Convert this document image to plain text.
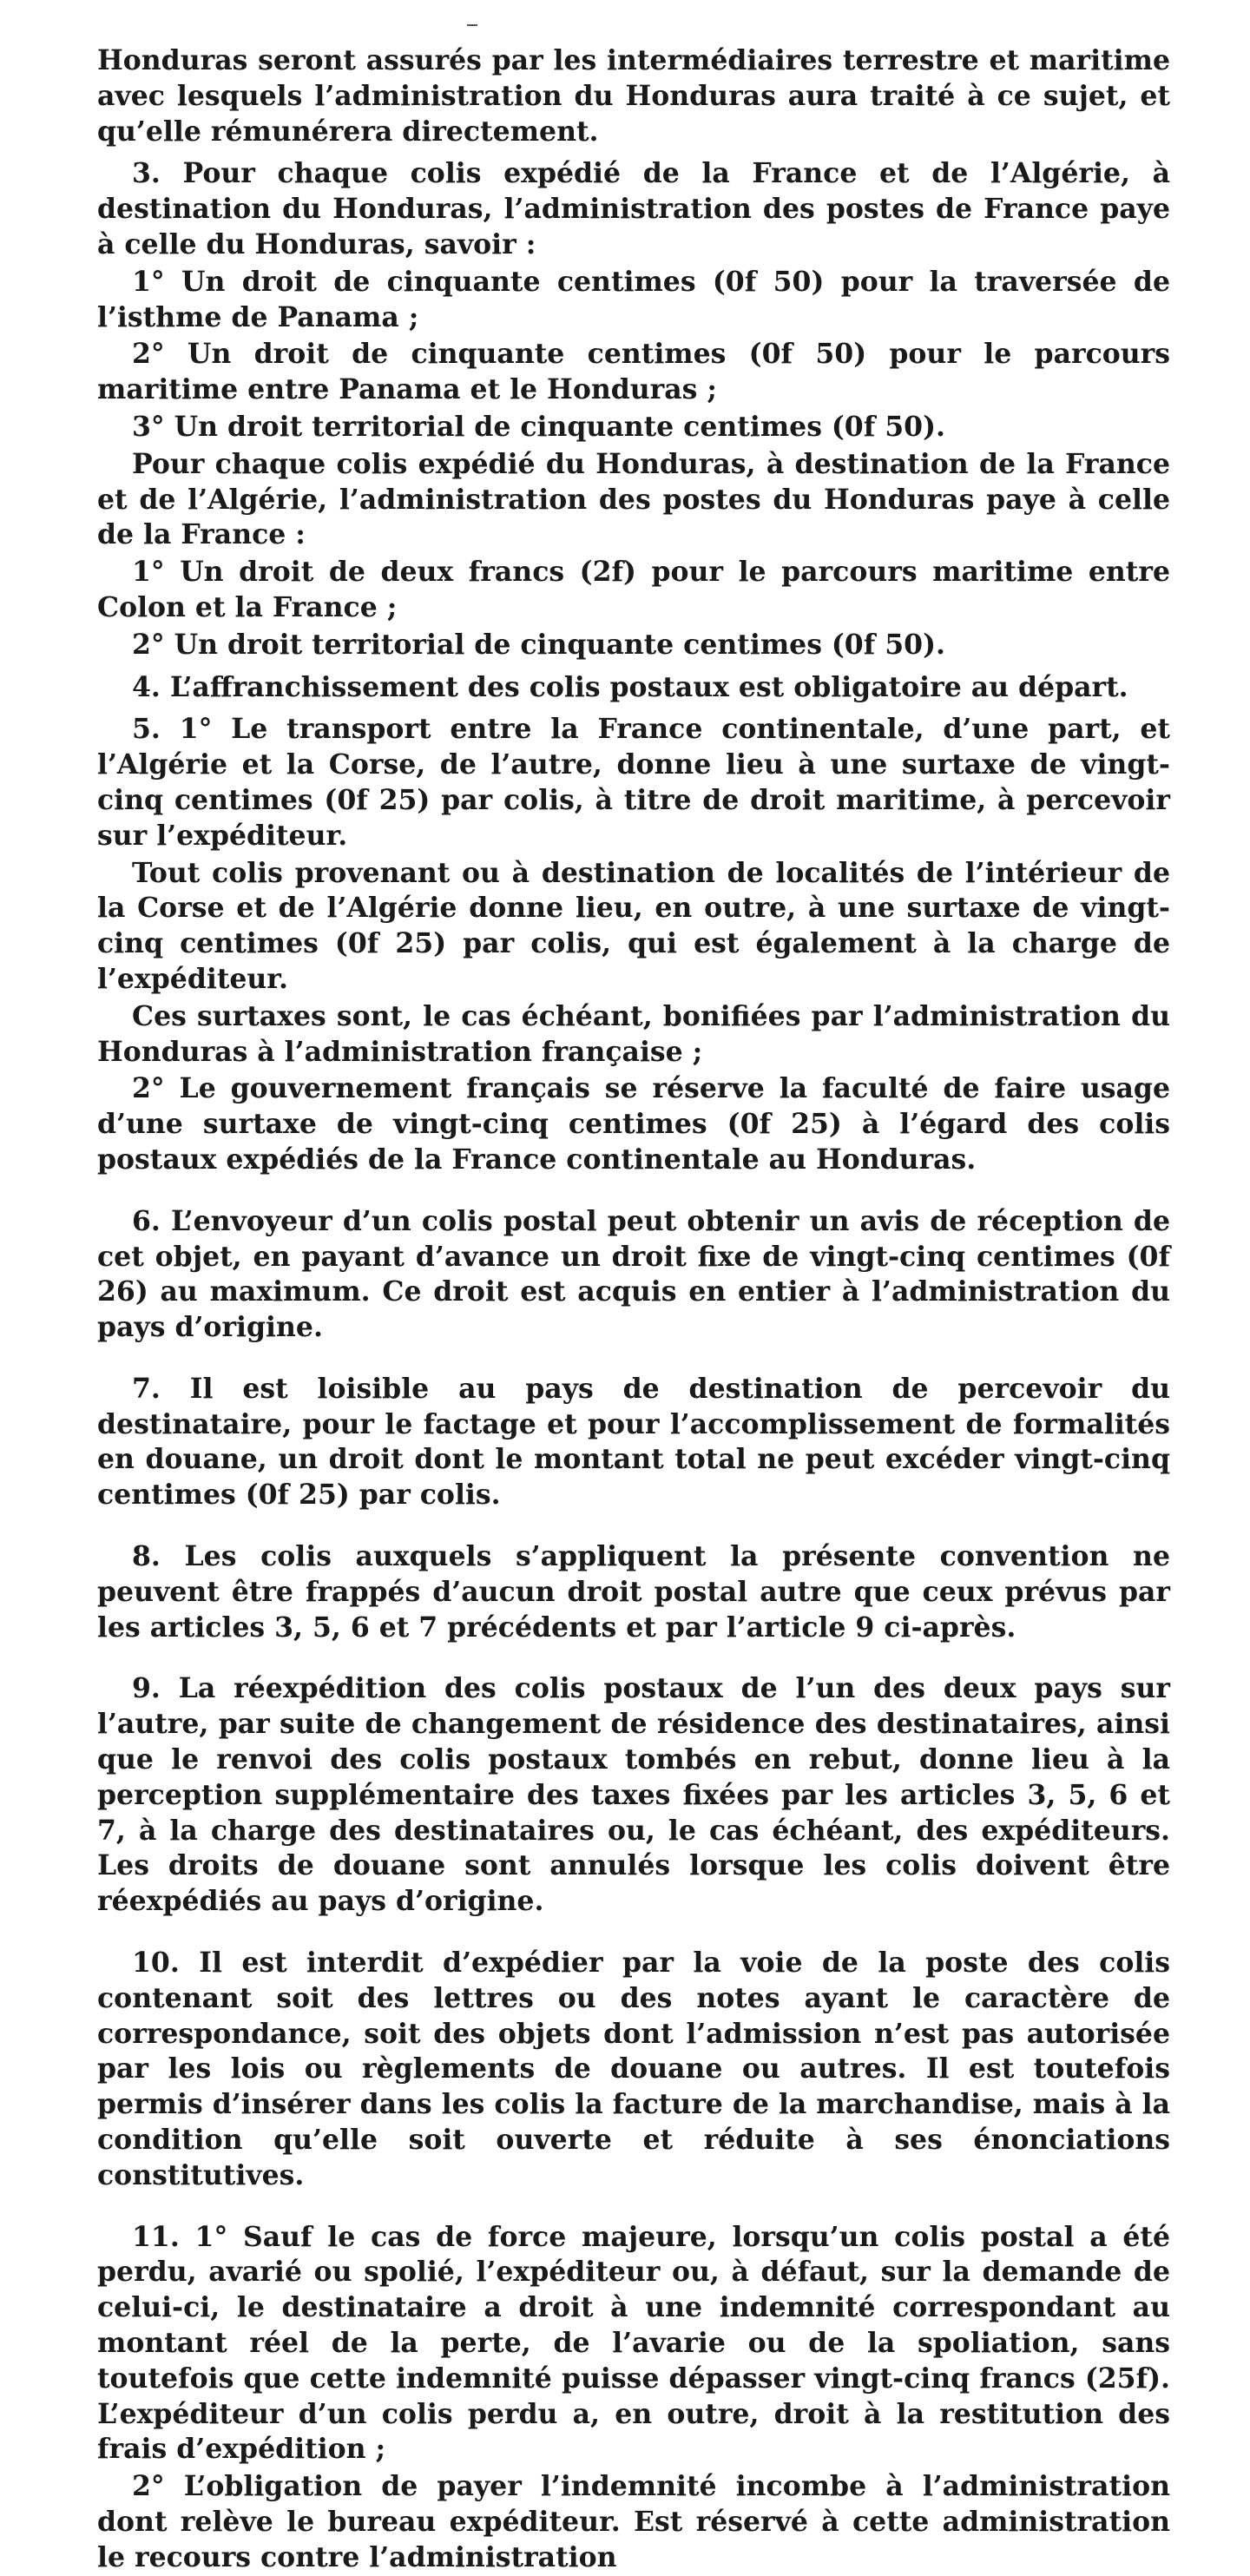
Honduras seront assurés par les intermédiaires terrestre et maritime avec lesquels l’administration du Honduras aura traité à ce sujet, et qu’elle rémunérera directement.

3. Pour chaque colis expédié de la France et de l’Algérie, à destination du Honduras, l’administration des postes de France paye à celle du Honduras, savoir :

1° Un droit de cinquante centimes (0f 50) pour la traversée de l’isthme de Panama ;

2° Un droit de cinquante centimes (0f 50) pour le parcours maritime entre Panama et le Honduras ;

3° Un droit territorial de cinquante centimes (0f 50).

Pour chaque colis expédié du Honduras, à destination de la France et de l’Algérie, l’administration des postes du Honduras paye à celle de la France :

1° Un droit de deux francs (2f) pour le parcours maritime entre Colon et la France ;

2° Un droit territorial de cinquante centimes (0f 50).

4. L’affranchissement des colis postaux est obligatoire au départ.

5. 1° Le transport entre la France continentale, d’une part, et l’Algérie et la Corse, de l’autre, donne lieu à une surtaxe de vingt-cinq centimes (0f 25) par colis, à titre de droit maritime, à percevoir sur l’expéditeur.

Tout colis provenant ou à destination de localités de l’intérieur de la Corse et de l’Algérie donne lieu, en outre, à une surtaxe de vingt-cinq centimes (0f 25) par colis, qui est également à la charge de l’expéditeur.

Ces surtaxes sont, le cas échéant, bonifiées par l’administration du Honduras à l’administration française ;

2° Le gouvernement français se réserve la faculté de faire usage d’une surtaxe de vingt-cinq centimes (0f 25) à l’égard des colis postaux expédiés de la France continentale au Honduras.

6. L’envoyeur d’un colis postal peut obtenir un avis de réception de cet objet, en payant d’avance un droit fixe de vingt-cinq centimes (0f 26) au maximum. Ce droit est acquis en entier à l’administration du pays d’origine.

7. Il est loisible au pays de destination de percevoir du destinataire, pour le factage et pour l’accomplissement de formalités en douane, un droit dont le montant total ne peut excéder vingt-cinq centimes (0f 25) par colis.

8. Les colis auxquels s’appliquent la présente convention ne peuvent être frappés d’aucun droit postal autre que ceux prévus par les articles 3, 5, 6 et 7 précédents et par l’article 9 ci-après.

9. La réexpédition des colis postaux de l’un des deux pays sur l’autre, par suite de changement de résidence des destinataires, ainsi que le renvoi des colis postaux tombés en rebut, donne lieu à la perception supplémentaire des taxes fixées par les articles 3, 5, 6 et 7, à la charge des destinataires ou, le cas échéant, des expéditeurs. Les droits de douane sont annulés lorsque les colis doivent être réexpédiés au pays d’origine.

10. Il est interdit d’expédier par la voie de la poste des colis contenant soit des lettres ou des notes ayant le caractère de correspondance, soit des objets dont l’admission n’est pas autorisée par les lois ou règlements de douane ou autres. Il est toutefois permis d’insérer dans les colis la facture de la marchandise, mais à la condition qu’elle soit ouverte et réduite à ses énonciations constitutives.

11. 1° Sauf le cas de force majeure, lorsqu’un colis postal a été perdu, avarié ou spolié, l’expéditeur ou, à défaut, sur la demande de celui-ci, le destinataire a droit à une indemnité correspondant au montant réel de la perte, de l’avarie ou de la spoliation, sans toutefois que cette indemnité puisse dépasser vingt-cinq francs (25f). L’expéditeur d’un colis perdu a, en outre, droit à la restitution des frais d’expédition ;

2° L’obligation de payer l’indemnité incombe à l’administration dont relève le bureau expéditeur. Est réservé à cette administration le recours contre l’administration
